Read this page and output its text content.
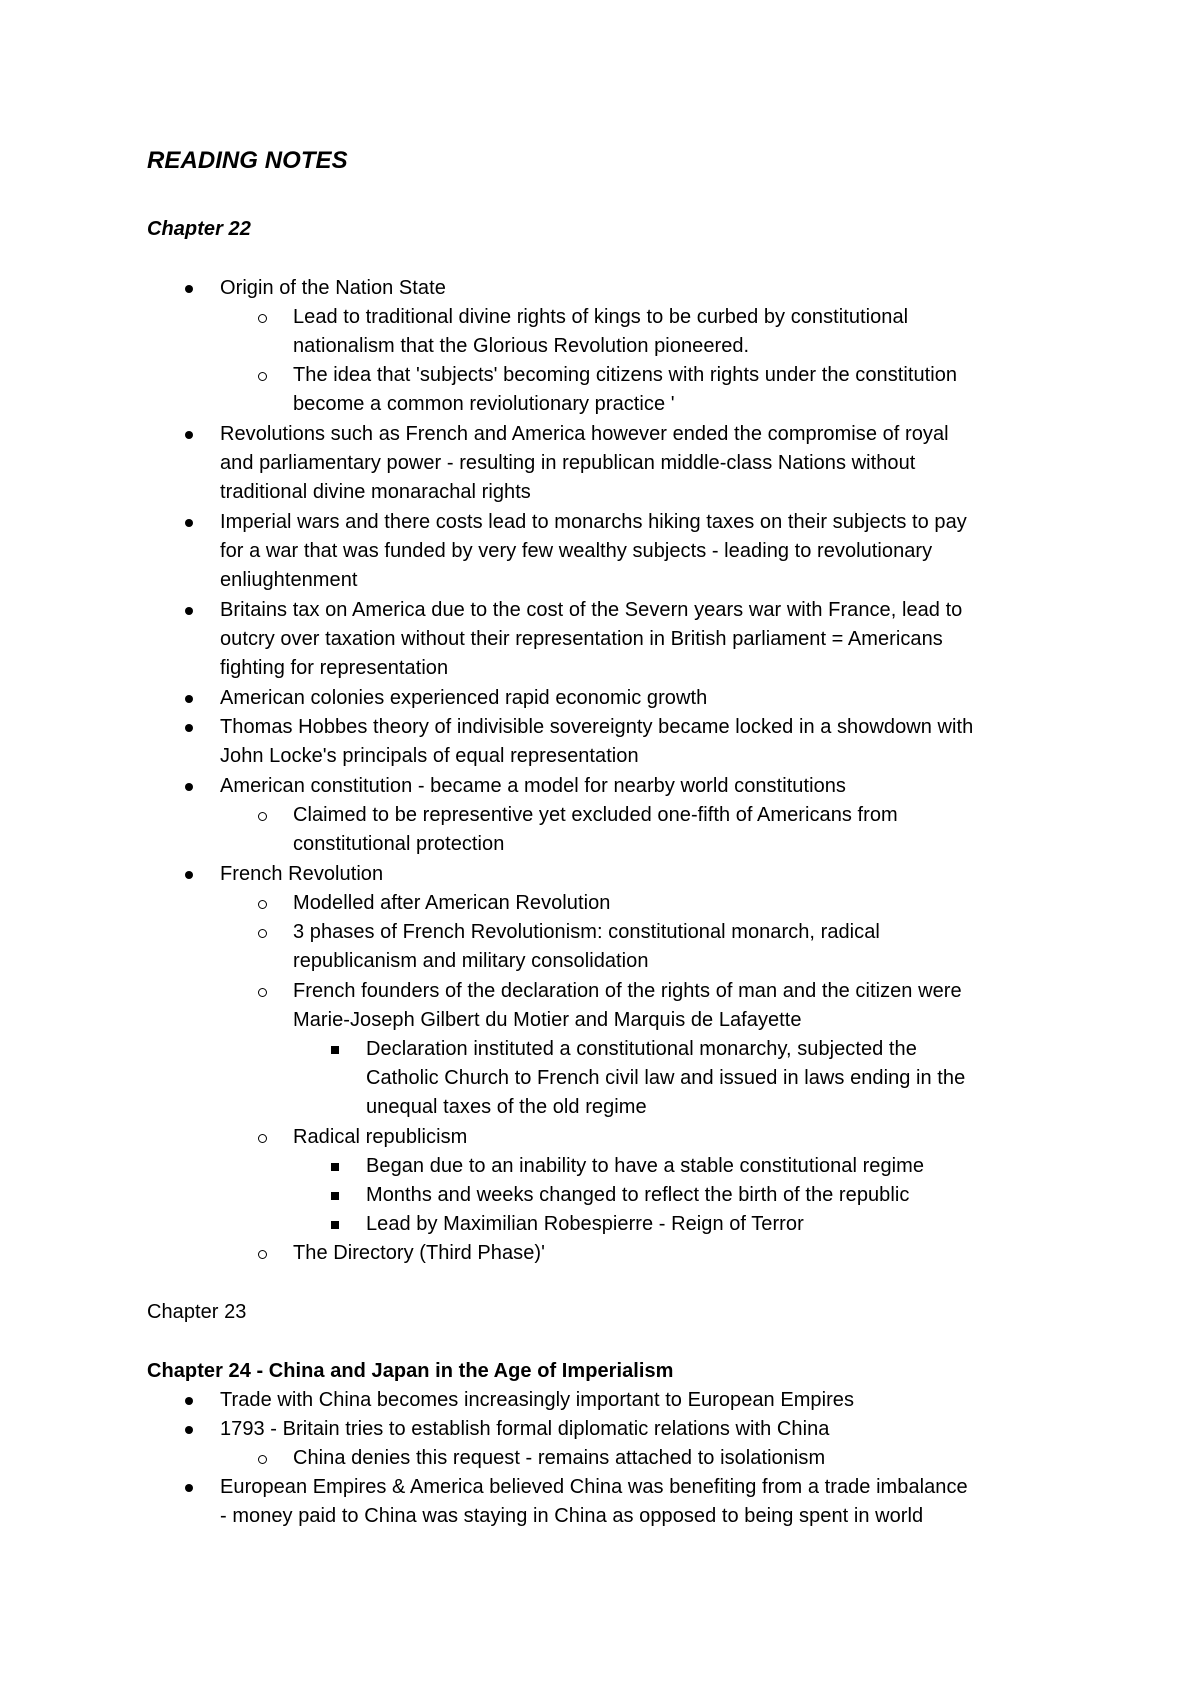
READING NOTES
Chapter 22
Origin of the Nation State
Lead to traditional divine rights of kings to be curbed by constitutional
nationalism that the Glorious Revolution pioneered.
The idea that 'subjects' becoming citizens with rights under the constitution
become a common reviolutionary practice '
Revolutions such as French and America however ended the compromise of royal
and parliamentary power - resulting in republican middle-class Nations without
traditional divine monarachal rights
Imperial wars and there costs lead to monarchs hiking taxes on their subjects to pay
for a war that was funded by very few wealthy subjects - leading to revolutionary
enliughtenment
Britains tax on America due to the cost of the Severn years war with France, lead to
outcry over taxation without their representation in British parliament = Americans
fighting for representation
American colonies experienced rapid economic growth
Thomas Hobbes theory of indivisible sovereignty became locked in a showdown with
John Locke's principals of equal representation
American constitution - became a model for nearby world constitutions
Claimed to be representive yet excluded one-fifth of Americans from
constitutional protection
French Revolution
Modelled after American Revolution
3 phases of French Revolutionism: constitutional monarch, radical
republicanism and military consolidation
French founders of the declaration of the rights of man and the citizen were
Marie-Joseph Gilbert du Motier and Marquis de Lafayette
Declaration instituted a constitutional monarchy, subjected the
Catholic Church to French civil law and issued in laws ending in the
unequal taxes of the old regime
Radical republicism
Began due to an inability to have a stable constitutional regime
Months and weeks changed to reflect the birth of the republic
Lead by Maximilian Robespierre - Reign of Terror
The Directory (Third Phase)'
Chapter 23
Chapter 24 - China and Japan in the Age of Imperialism
Trade with China becomes increasingly important to European Empires
1793 - Britain tries to establish formal diplomatic relations with China
China denies this request - remains attached to isolationism
European Empires & America believed China was benefiting from a trade imbalance
- money paid to China was staying in China as opposed to being spent in world
